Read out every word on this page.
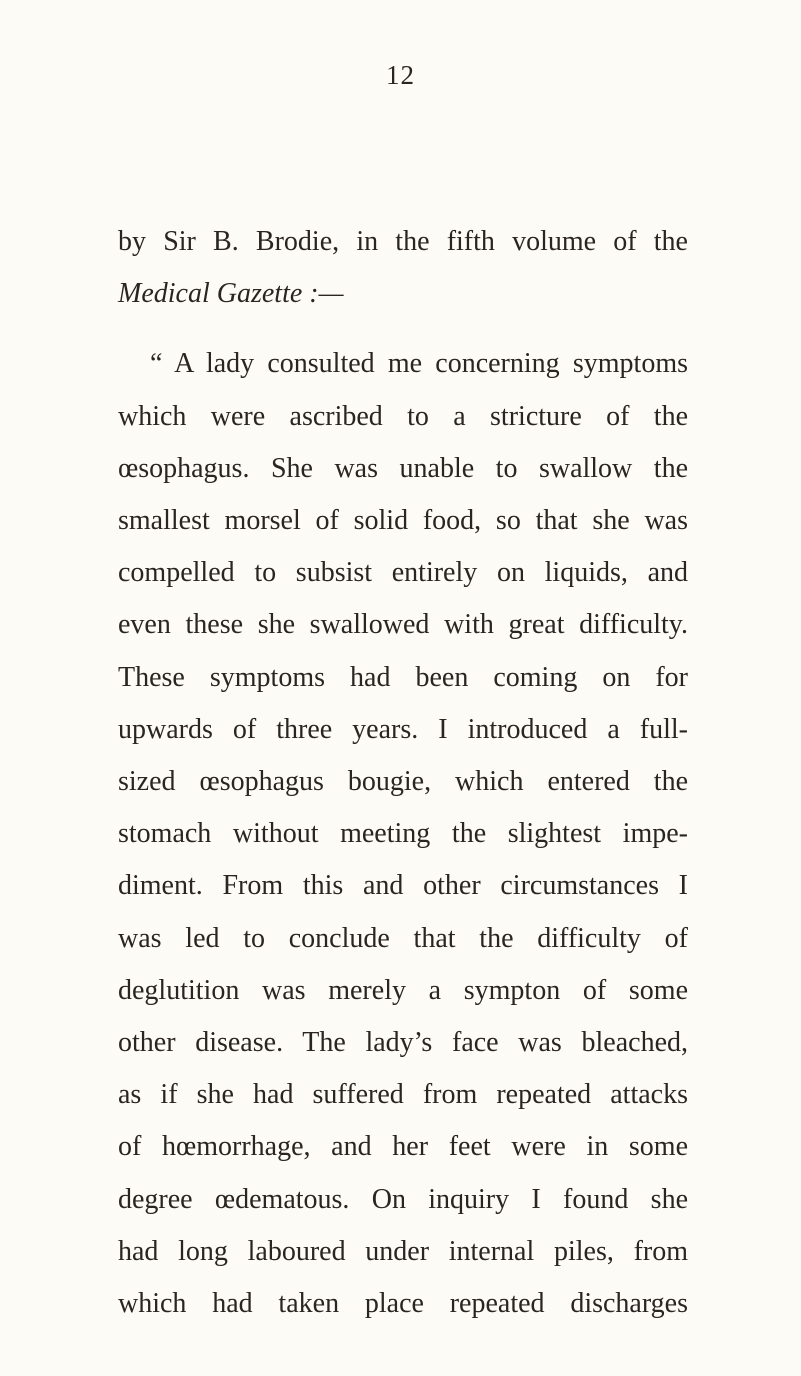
12
by Sir B. Brodie, in the fifth volume of the
Medical Gazette :—
“ A lady consulted me concerning symptoms
which were ascribed to a stricture of the
œsophagus. She was unable to swallow the
smallest morsel of solid food, so that she was
compelled to subsist entirely on liquids, and
even these she swallowed with great difficulty.
These symptoms had been coming on for
upwards of three years. I introduced a full-
sized œsophagus bougie, which entered the
stomach without meeting the slightest impe-
diment. From this and other circumstances I
was led to conclude that the difficulty of
deglutition was merely a sympton of some
other disease. The lady’s face was bleached,
as if she had suffered from repeated attacks
of hœmorrhage, and her feet were in some
degree œdematous. On inquiry I found she
had long laboured under internal piles, from
which had taken place repeated discharges
